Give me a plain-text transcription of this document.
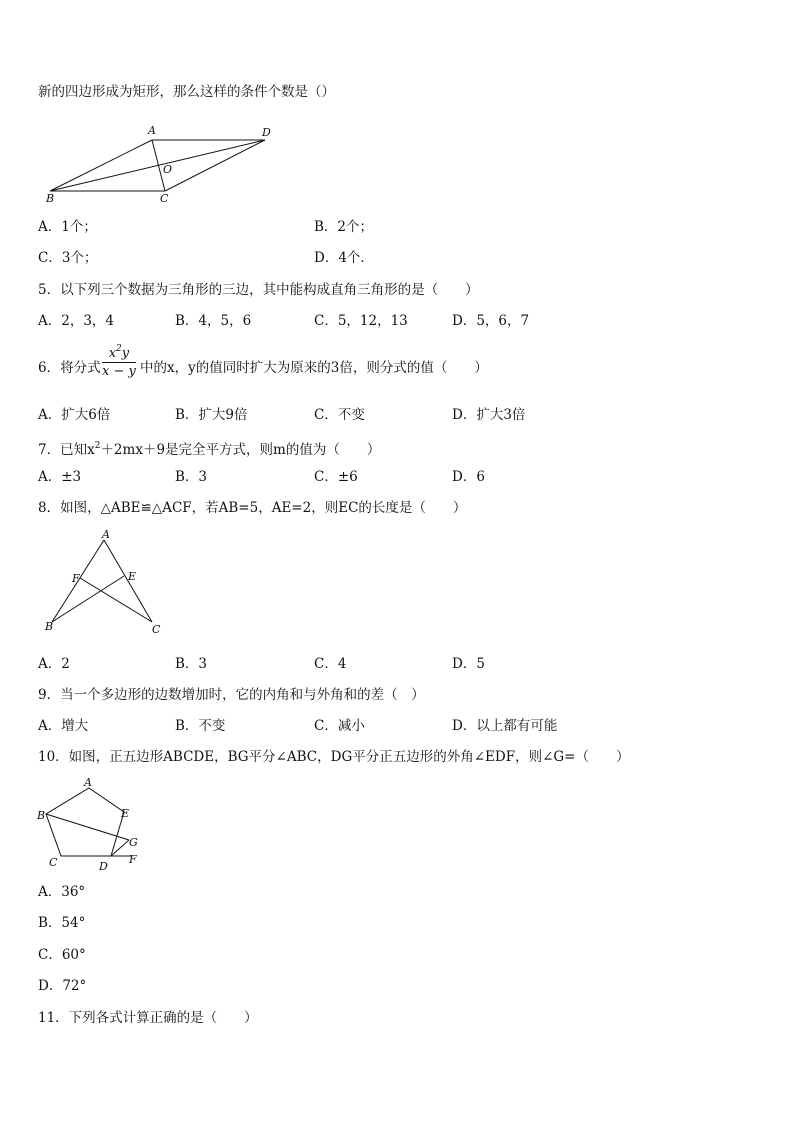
新的四边形成为矩形，那么这样的条件个数是（）
A	D
O
B	C
A．1个；	B．2个；
C．3个；	D．4个．
5．以下列三个数据为三角形的三边，其中能构成直角三角形的是（　　）
A．2，3，4	B．4，5，6	C．5，12，13	D．5，6，7
6．将分式
$x^2y$
x − y 中的x，y的值同时扩大为原来的3倍，则分式的值（　　）
A．扩大6倍	B．扩大9倍	C．不变	D．扩大3倍
7．已知$x^2+2mx+9$是完全平方式，则m的值为（　　）
A．±3	B．3	C．±6	D．6
8．如图，△ABE≌△ACF，若AB=5，AE=2，则EC的长度是（　　）
A
F	E
B	C
A．2	B．3	C．4	D．5
9．当一个多边形的边数增加时，它的内角和与外角和的差（　）
A．增大	B．不变	C．减小	D．以上都有可能
10．如图，正五边形ABCDE，BG平分∠ABC，DG平分正五边形的外角∠EDF，则∠G=（　　）
A
B	E
G
C	D
F
A．36°
B．54°
C．60°
D．72°
11．下列各式计算正确的是（　　）
